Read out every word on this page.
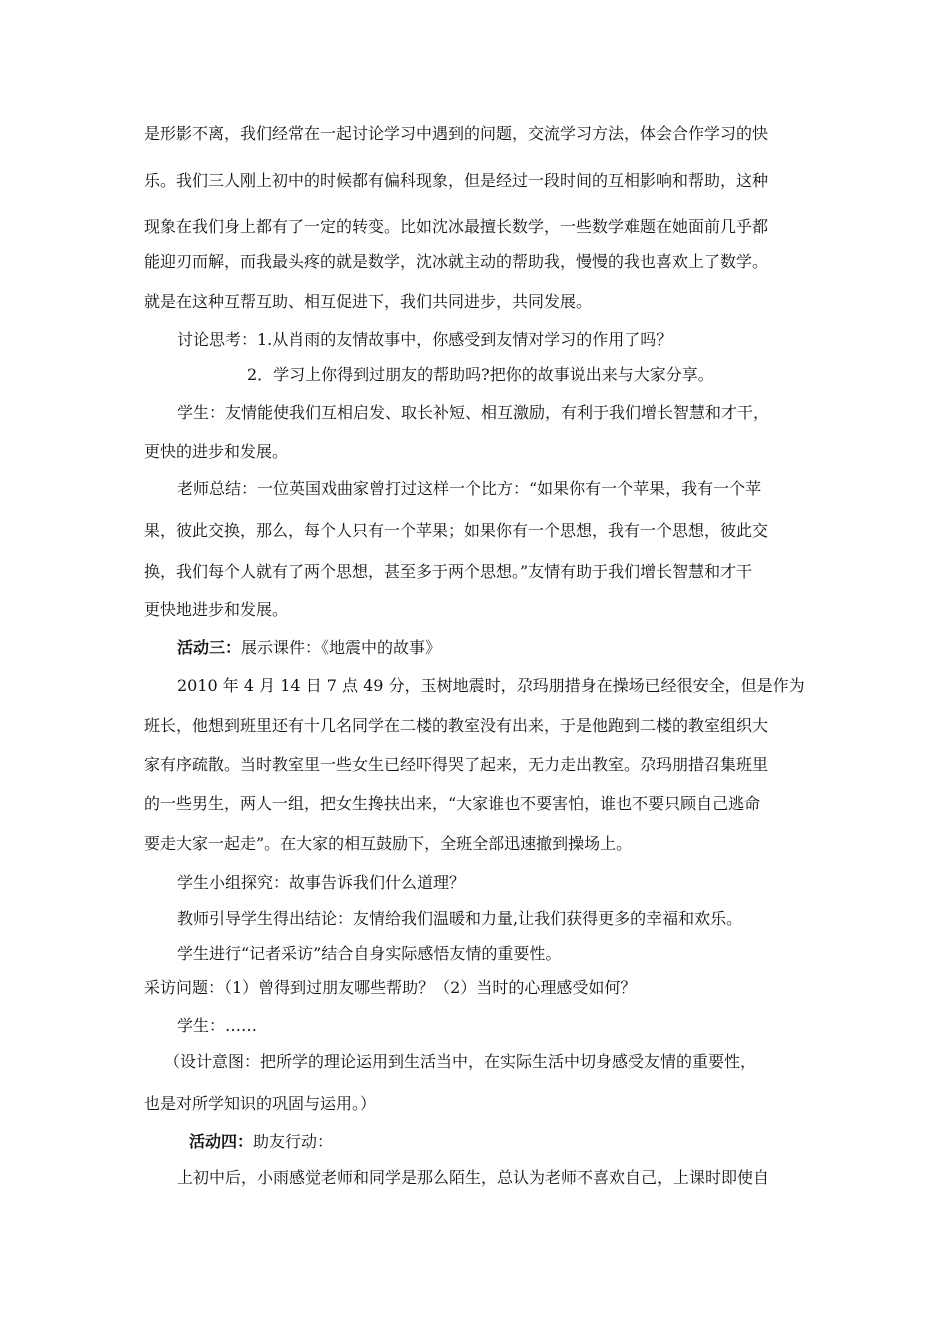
是形影不离，我们经常在一起讨论学习中遇到的问题，交流学习方法，体会合作学习的快
乐。我们三人刚上初中的时候都有偏科现象，但是经过一段时间的互相影响和帮助，这种
现象在我们身上都有了一定的转变。比如沈冰最擅长数学，一些数学难题在她面前几乎都
能迎刃而解，而我最头疼的就是数学，沈冰就主动的帮助我，慢慢的我也喜欢上了数学。
就是在这种互帮互助、相互促进下，我们共同进步，共同发展。
讨论思考：1.从肖雨的友情故事中，你感受到友情对学习的作用了吗？
2．学习上你得到过朋友的帮助吗?把你的故事说出来与大家分享。
学生：友情能使我们互相启发、取长补短、相互激励，有利于我们增长智慧和才干，
更快的进步和发展。
老师总结：一位英国戏曲家曾打过这样一个比方：“如果你有一个苹果，我有一个苹
果，彼此交换，那么，每个人只有一个苹果；如果你有一个思想，我有一个思想，彼此交
换，我们每个人就有了两个思想，甚至多于两个思想。”友情有助于我们增长智慧和才干
更快地进步和发展。
活动三：展示课件：《地震中的故事》
2010 年 4 月 14 日 7 点 49 分，玉树地震时，尕玛朋措身在操场已经很安全，但是作为
班长，他想到班里还有十几名同学在二楼的教室没有出来，于是他跑到二楼的教室组织大
家有序疏散。当时教室里一些女生已经吓得哭了起来，无力走出教室。尕玛朋措召集班里
的一些男生，两人一组，把女生搀扶出来，“大家谁也不要害怕，谁也不要只顾自己逃命
要走大家一起走”。在大家的相互鼓励下，全班全部迅速撤到操场上。
学生小组探究：故事告诉我们什么道理？
教师引导学生得出结论：友情给我们温暖和力量,让我们获得更多的幸福和欢乐。
学生进行“记者采访”结合自身实际感悟友情的重要性。
采访问题：（1）曾得到过朋友哪些帮助？（2）当时的心理感受如何？
学生：……
（设计意图：把所学的理论运用到生活当中，在实际生活中切身感受友情的重要性，
也是对所学知识的巩固与运用。）
活动四：助友行动：
上初中后，小雨感觉老师和同学是那么陌生，总认为老师不喜欢自己，上课时即使自
